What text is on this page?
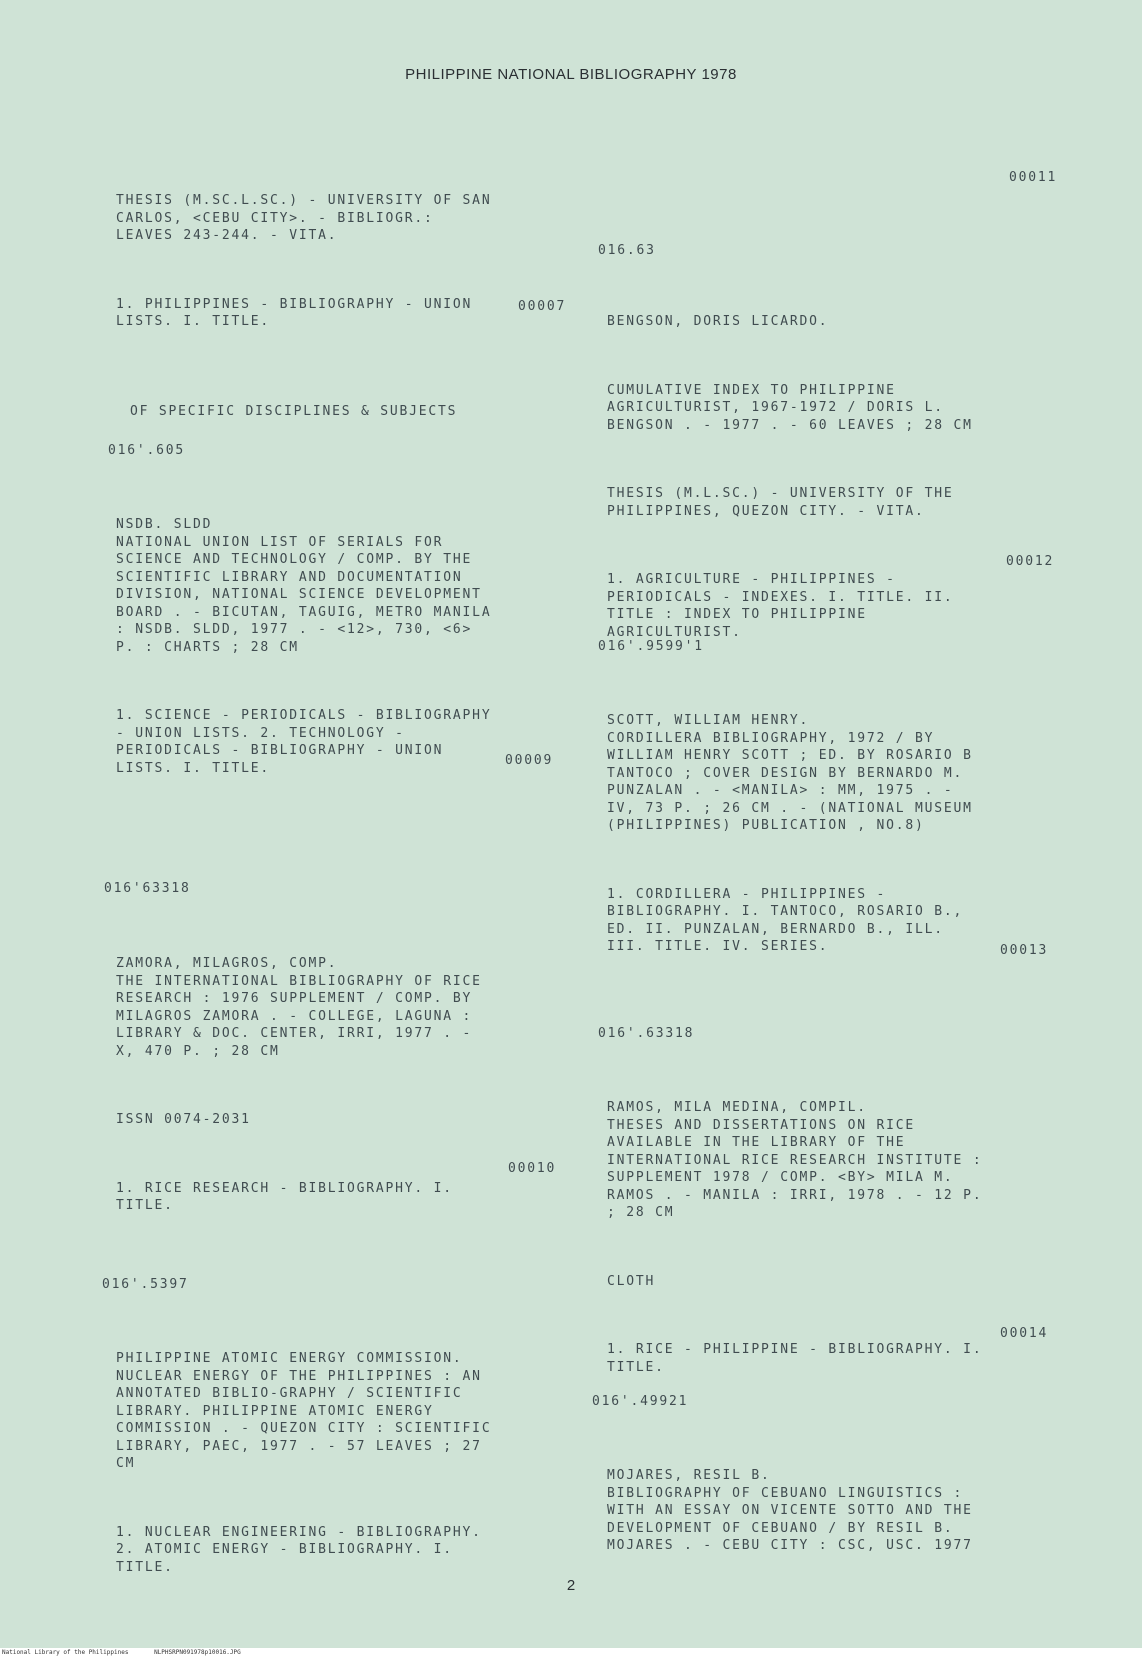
PHILIPPINE NATIONAL BIBLIOGRAPHY 1978

THESIS (M.SC.L.SC.) - UNIVERSITY OF SAN
CARLOS, <CEBU CITY>. - BIBLIOGR.:
LEAVES 243-244. - VITA.

1. PHILIPPINES - BIBLIOGRAPHY - UNION
LISTS. I. TITLE.

00007
OF SPECIFIC DISCIPLINES & SUBJECTS
016'.605

NSDB. SLDD
NATIONAL UNION LIST OF SERIALS FOR
SCIENCE AND TECHNOLOGY / COMP. BY THE
SCIENTIFIC LIBRARY AND DOCUMENTATION
DIVISION, NATIONAL SCIENCE DEVELOPMENT
BOARD . - BICUTAN, TAGUIG, METRO MANILA
: NSDB. SLDD, 1977 . - <12>, 730, <6>
P. : CHARTS ; 28 CM

1. SCIENCE - PERIODICALS - BIBLIOGRAPHY
- UNION LISTS. 2. TECHNOLOGY -
PERIODICALS - BIBLIOGRAPHY - UNION
LISTS. I. TITLE.	00009
016'63318

ZAMORA, MILAGROS, COMP.
THE INTERNATIONAL BIBLIOGRAPHY OF RICE
RESEARCH : 1976 SUPPLEMENT / COMP. BY
MILAGROS ZAMORA . - COLLEGE, LAGUNA :
LIBRARY & DOC. CENTER, IRRI, 1977 . -
X, 470 P. ; 28 CM

ISSN 0074-2031

1. RICE RESEARCH - BIBLIOGRAPHY. I.
TITLE.

00010
016'.5397

PHILIPPINE ATOMIC ENERGY COMMISSION.
NUCLEAR ENERGY OF THE PHILIPPINES : AN
ANNOTATED BIBLIO-GRAPHY / SCIENTIFIC
LIBRARY. PHILIPPINE ATOMIC ENERGY
COMMISSION . - QUEZON CITY : SCIENTIFIC
LIBRARY, PAEC, 1977 . - 57 LEAVES ; 27
CM

1. NUCLEAR ENGINEERING - BIBLIOGRAPHY.
2. ATOMIC ENERGY - BIBLIOGRAPHY. I.
TITLE.

00011
016.63

BENGSON, DORIS LICARDO.

CUMULATIVE INDEX TO PHILIPPINE
AGRICULTURIST, 1967-1972 / DORIS L.
BENGSON . - 1977 . - 60 LEAVES ; 28 CM

THESIS (M.L.SC.) - UNIVERSITY OF THE
PHILIPPINES, QUEZON CITY. - VITA.

1. AGRICULTURE - PHILIPPINES -
PERIODICALS - INDEXES. I. TITLE. II.
TITLE : INDEX TO PHILIPPINE
AGRICULTURIST.

00012
016'.9599'1

SCOTT, WILLIAM HENRY.
CORDILLERA BIBLIOGRAPHY, 1972 / BY
WILLIAM HENRY SCOTT ; ED. BY ROSARIO B
TANTOCO ; COVER DESIGN BY BERNARDO M.
PUNZALAN . - <MANILA> : MM, 1975 . -
IV, 73 P. ; 26 CM . - (NATIONAL MUSEUM
(PHILIPPINES) PUBLICATION , NO.8)

1. CORDILLERA - PHILIPPINES -
BIBLIOGRAPHY. I. TANTOCO, ROSARIO B.,
ED. II. PUNZALAN, BERNARDO B., ILL.
III. TITLE. IV. SERIES.	00013
016'.63318

RAMOS, MILA MEDINA, COMPIL.
THESES AND DISSERTATIONS ON RICE
AVAILABLE IN THE LIBRARY OF THE
INTERNATIONAL RICE RESEARCH INSTITUTE :
SUPPLEMENT 1978 / COMP. <BY> MILA M.
RAMOS . - MANILA : IRRI, 1978 . - 12 P.
; 28 CM

CLOTH

1. RICE - PHILIPPINE - BIBLIOGRAPHY. I.
TITLE.

00014
016'.49921

MOJARES, RESIL B.
BIBLIOGRAPHY OF CEBUANO LINGUISTICS :
WITH AN ESSAY ON VICENTE SOTTO AND THE
DEVELOPMENT OF CEBUANO / BY RESIL B.
MOJARES . - CEBU CITY : CSC, USC. 1977

2
National Library of the Philippines	NLPHSRPN091978p10016.JPG
